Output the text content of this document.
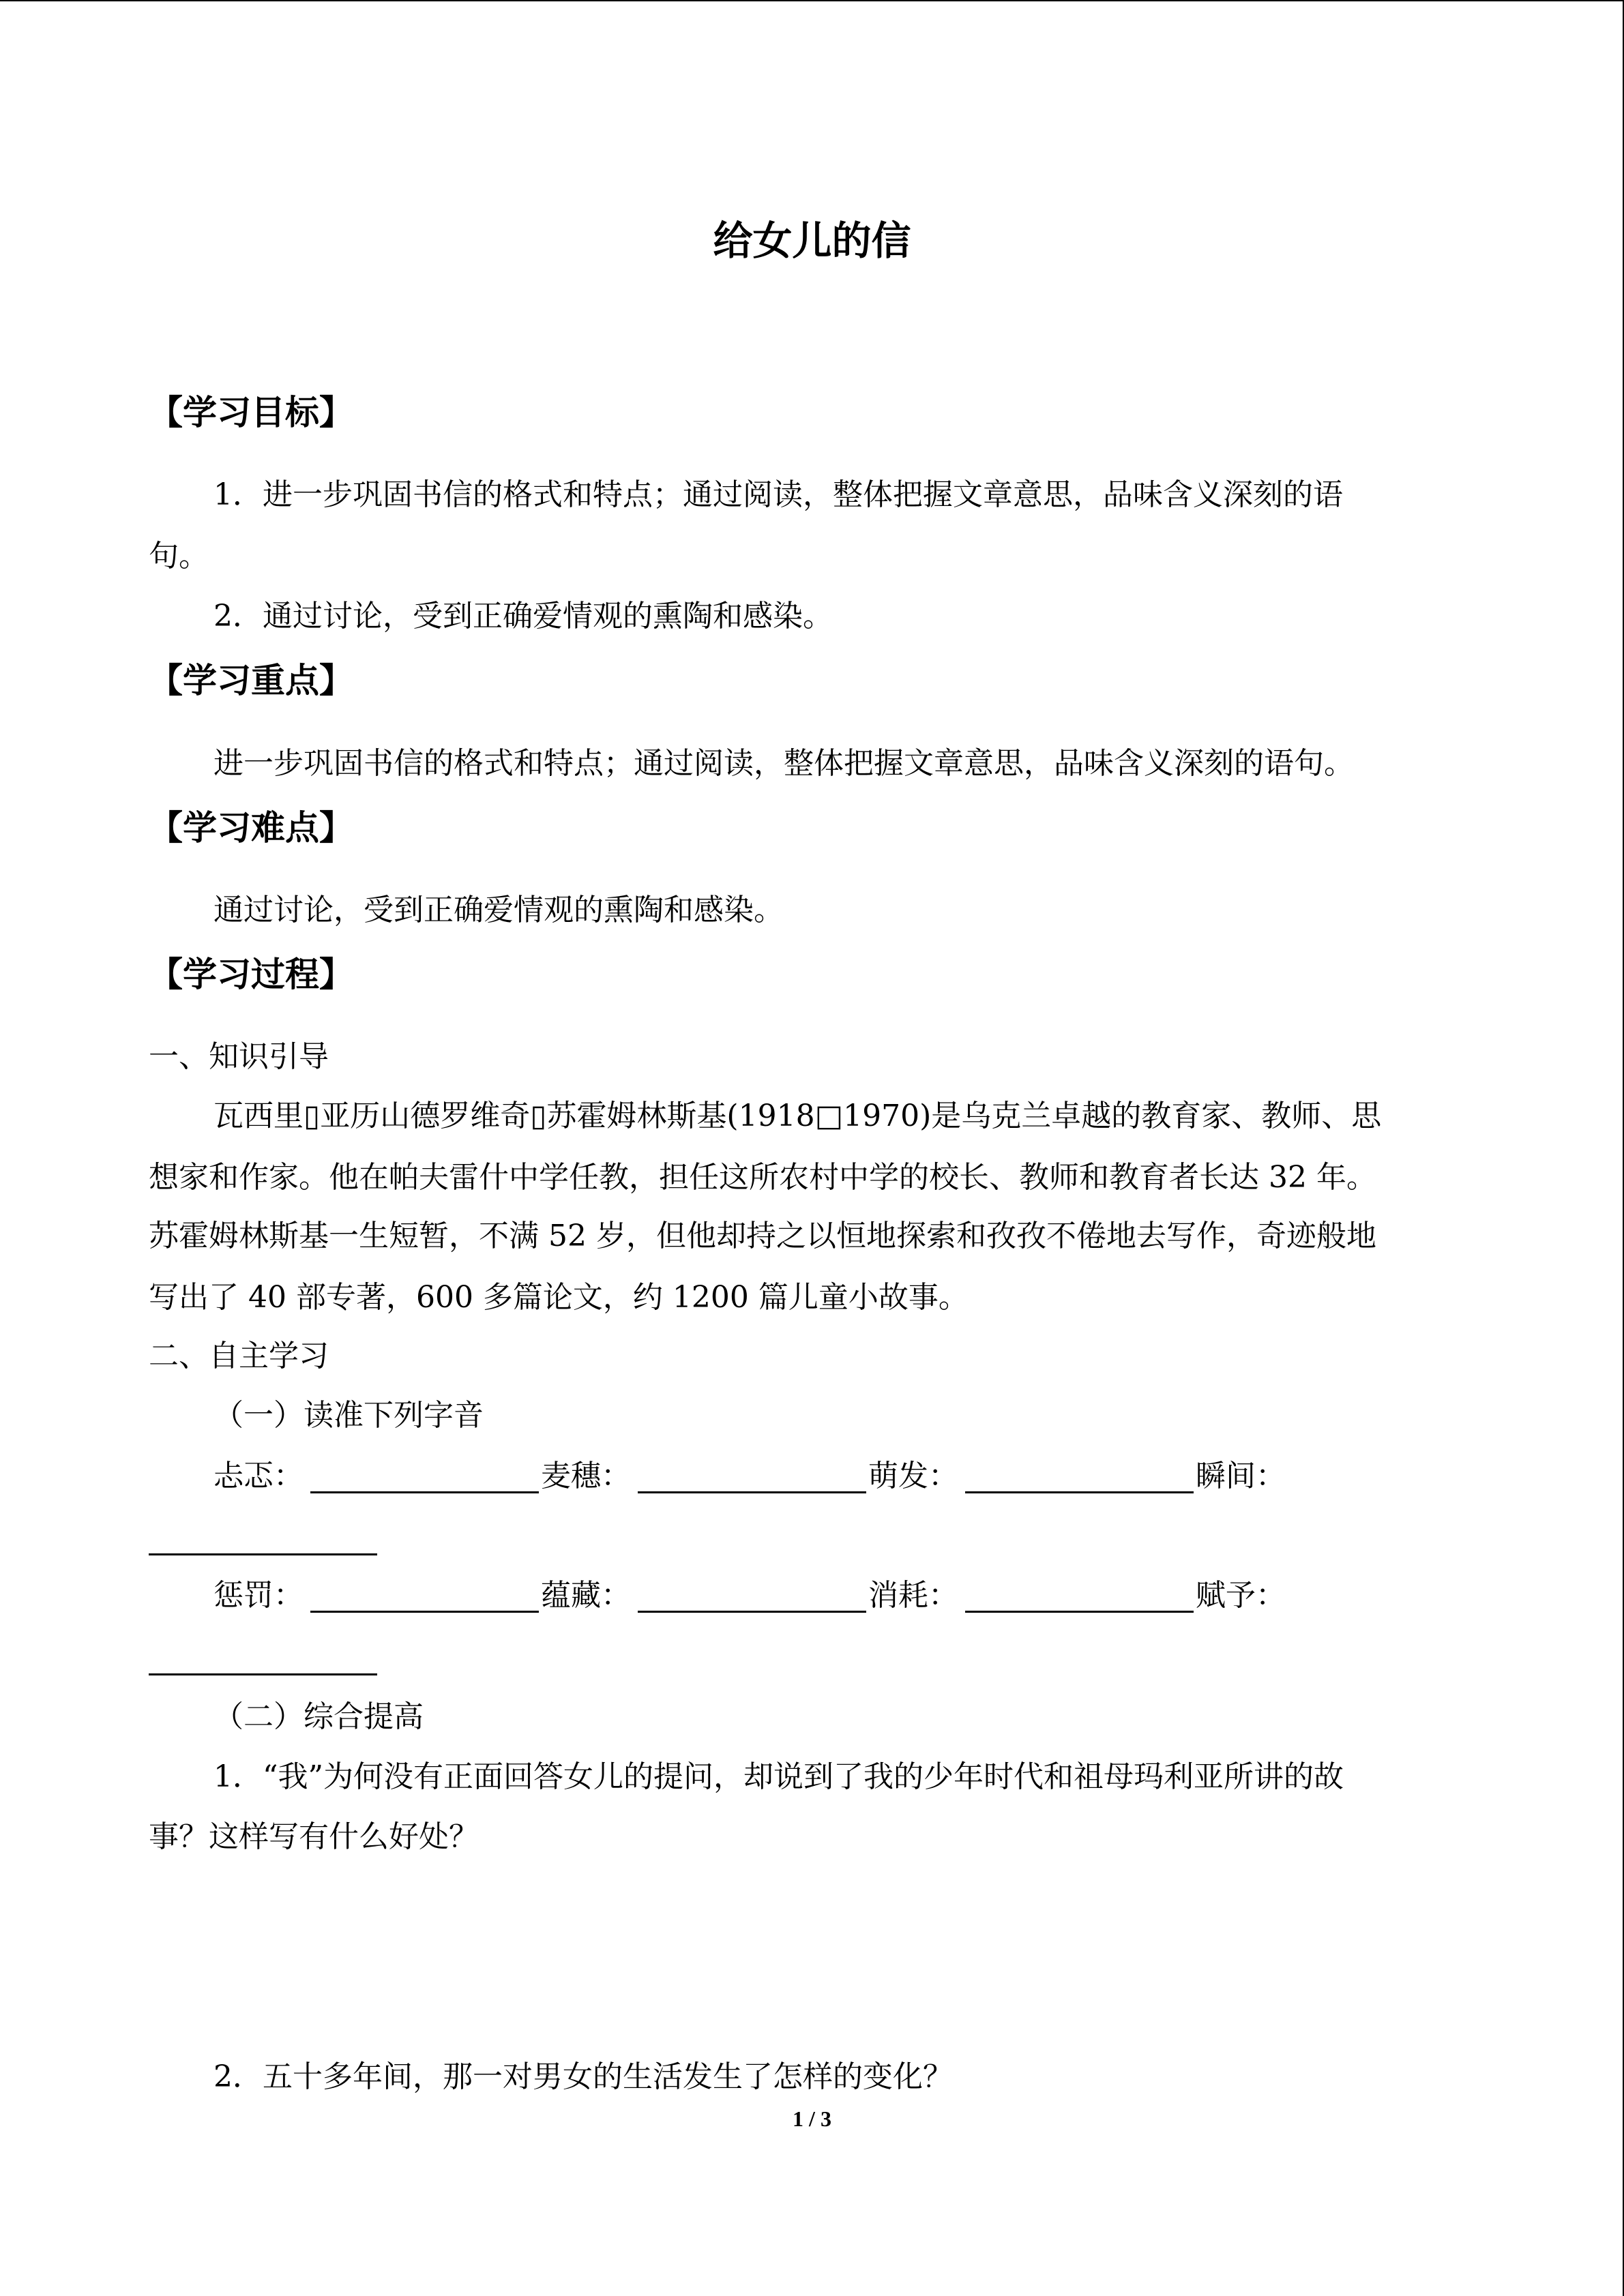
给女儿的信
【学习目标】
1．进一步巩固书信的格式和特点；通过阅读，整体把握文章意思，品味含义深刻的语
句。
2．通过讨论，受到正确爱情观的熏陶和感染。
【学习重点】
进一步巩固书信的格式和特点；通过阅读，整体把握文章意思，品味含义深刻的语句。
【学习难点】
通过讨论，受到正确爱情观的熏陶和感染。
【学习过程】
一、知识引导
瓦西里▯亚历山德罗维奇▯苏霍姆林斯基(1918□1970)是乌克兰卓越的教育家、教师、思
想家和作家。他在帕夫雷什中学任教，担任这所农村中学的校长、教师和教育者长达 32 年。
苏霍姆林斯基一生短暂，不满 52 岁，但他却持之以恒地探索和孜孜不倦地去写作，奇迹般地
写出了 40 部专著，600 多篇论文，约 1200 篇儿童小故事。
二、自主学习
（一）读准下列字音
忐忑：	麦穗：	萌发：	瞬间：
惩罚：	蕴藏：	消耗：	赋予：
（二）综合提高
1．“我”为何没有正面回答女儿的提问，却说到了我的少年时代和祖母玛利亚所讲的故
事？这样写有什么好处？
2．五十多年间，那一对男女的生活发生了怎样的变化？
1 / 3
